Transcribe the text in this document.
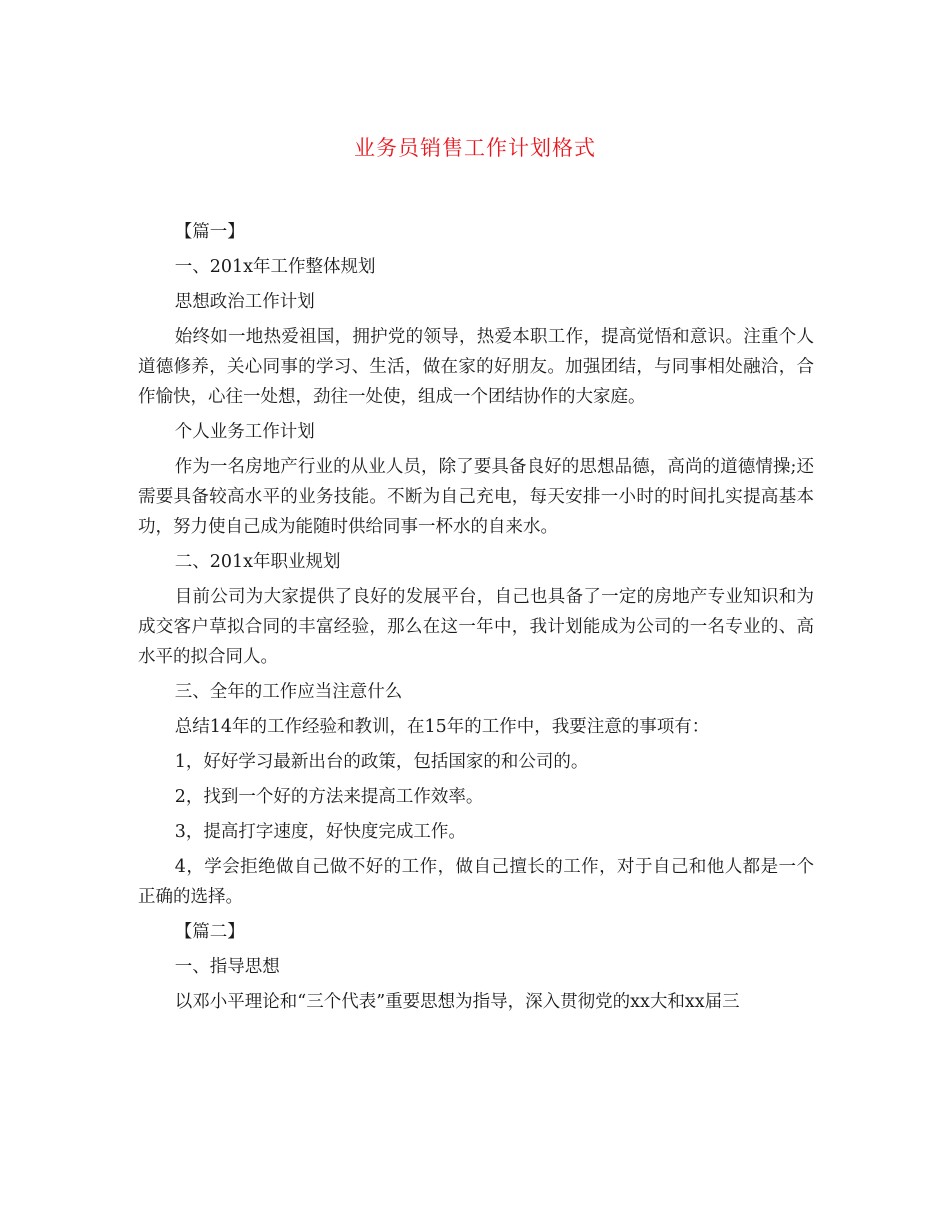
业务员销售工作计划格式

【篇一】

一、201x年工作整体规划

思想政治工作计划

始终如一地热爱祖国，拥护党的领导，热爱本职工作，提高觉悟和意识。注重个人道德修养，关心同事的学习、生活，做在家的好朋友。加强团结，与同事相处融洽，合作愉快，心往一处想，劲往一处使，组成一个团结协作的大家庭。

个人业务工作计划

作为一名房地产行业的从业人员，除了要具备良好的思想品德，高尚的道德情操;还需要具备较高水平的业务技能。不断为自己充电，每天安排一小时的时间扎实提高基本功，努力使自己成为能随时供给同事一杯水的自来水。

二、201x年职业规划

目前公司为大家提供了良好的发展平台，自己也具备了一定的房地产专业知识和为成交客户草拟合同的丰富经验，那么在这一年中，我计划能成为公司的一名专业的、高水平的拟合同人。

三、全年的工作应当注意什么

总结14年的工作经验和教训，在15年的工作中，我要注意的事项有：

1，好好学习最新出台的政策，包括国家的和公司的。

2，找到一个好的方法来提高工作效率。

3，提高打字速度，好快度完成工作。

4，学会拒绝做自己做不好的工作，做自己擅长的工作，对于自己和他人都是一个正确的选择。

【篇二】

一、指导思想

以邓小平理论和“三个代表”重要思想为指导，深入贯彻党的xx大和xx届三
